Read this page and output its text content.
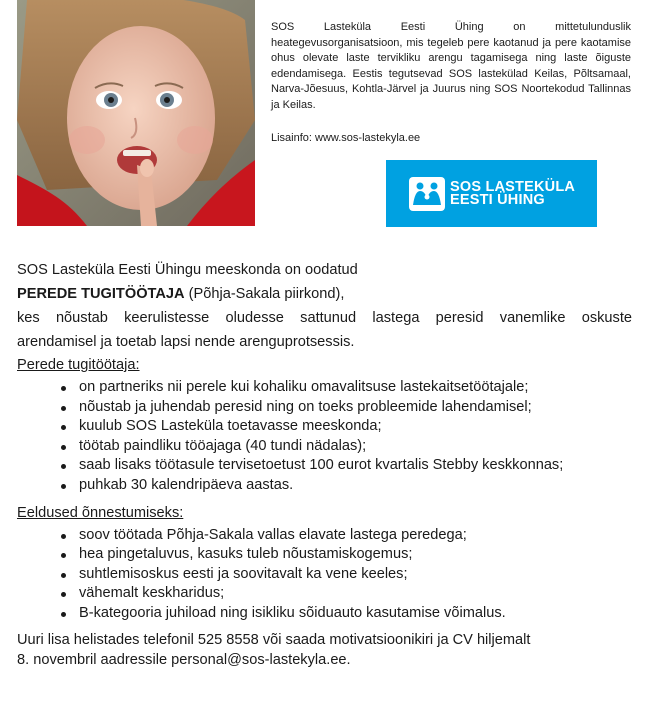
SOS Lasteküla Eesti Ühing on mittetulunduslik heategevusorganisatsioon, mis tegeleb pere kaotanud ja pere kaotamise ohus olevate laste tervikliku arengu tagamisega ning laste õiguste edendamisega. Eestis tegutsevad SOS lastekülad Keilas, Põltsamaal, Narva-Jõesuus, Kohtla-Järvel ja Juurus ning SOS Noortekodud Tallinnas ja Keilas.

Lisainfo: www.sos-lastekyla.ee
SOS LASTEKÜLA
EESTI ÜHING
SOS Lasteküla Eesti Ühingu meeskonda on oodatud
PEREDE TUGITÖÖTAJA (Põhja-Sakala piirkond),
kes nõustab keerulistesse oludesse sattunud lastega peresid vanemlike oskuste
arendamisel ja toetab lapsi nende arenguprotsessis.
Perede tugitöötaja:
on partneriks nii perele kui kohaliku omavalitsuse lastekaitsetöötajale;
nõustab ja juhendab peresid ning on toeks probleemide lahendamisel;
kuulub SOS Lasteküla toetavasse meeskonda;
töötab paindliku tööajaga (40 tundi nädalas);
saab lisaks töötasule tervisetoetust 100 eurot kvartalis Stebby keskkonnas;
puhkab 30 kalendripäeva aastas.
Eeldused õnnestumiseks:
soov töötada Põhja-Sakala vallas elavate lastega peredega;
hea pingetaluvus, kasuks tuleb nõustamiskogemus;
suhtlemisoskus eesti ja soovitavalt ka vene keeles;
vähemalt keskharidus;
B-kategooria juhiload ning isikliku sõiduauto kasutamise võimalus.
Uuri lisa helistades telefonil 525 8558 või saada motivatsioonikiri ja CV hiljemalt
8. novembril aadressile personal@sos-lastekyla.ee.
